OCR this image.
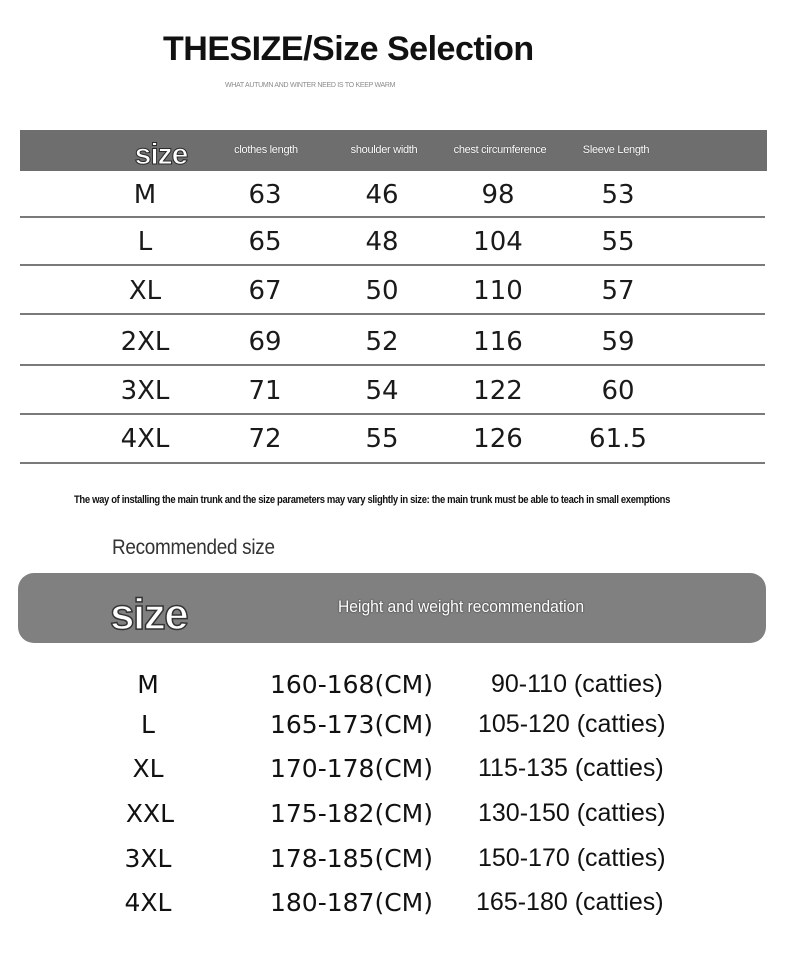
THESIZE/Size Selection
WHAT AUTUMN AND WINTER NEED IS TO KEEP WARM
size	clothes length	shoulder width	chest circumference	Sleeve Length
M	63	46	98	53
L	65	48	104	55
XL	67	50	110	57
2XL	69	52	116	59
3XL	71	54	122	60
4XL	72	55	126	61.5
The way of installing the main trunk and the size parameters may vary slightly in size: the main trunk must be able to teach in small exemptions
Recommended size
size	Height and weight recommendation
M	160-168(CM) 90-110 (catties)
L	165-173(CM) 105-120 (catties)
XL	170-178(CM) 115-135 (catties)
XXL	175-182(CM) 130-150 (catties)
3XL	178-185(CM) 150-170 (catties)
4XL	180-187(CM) 165-180 (catties)
